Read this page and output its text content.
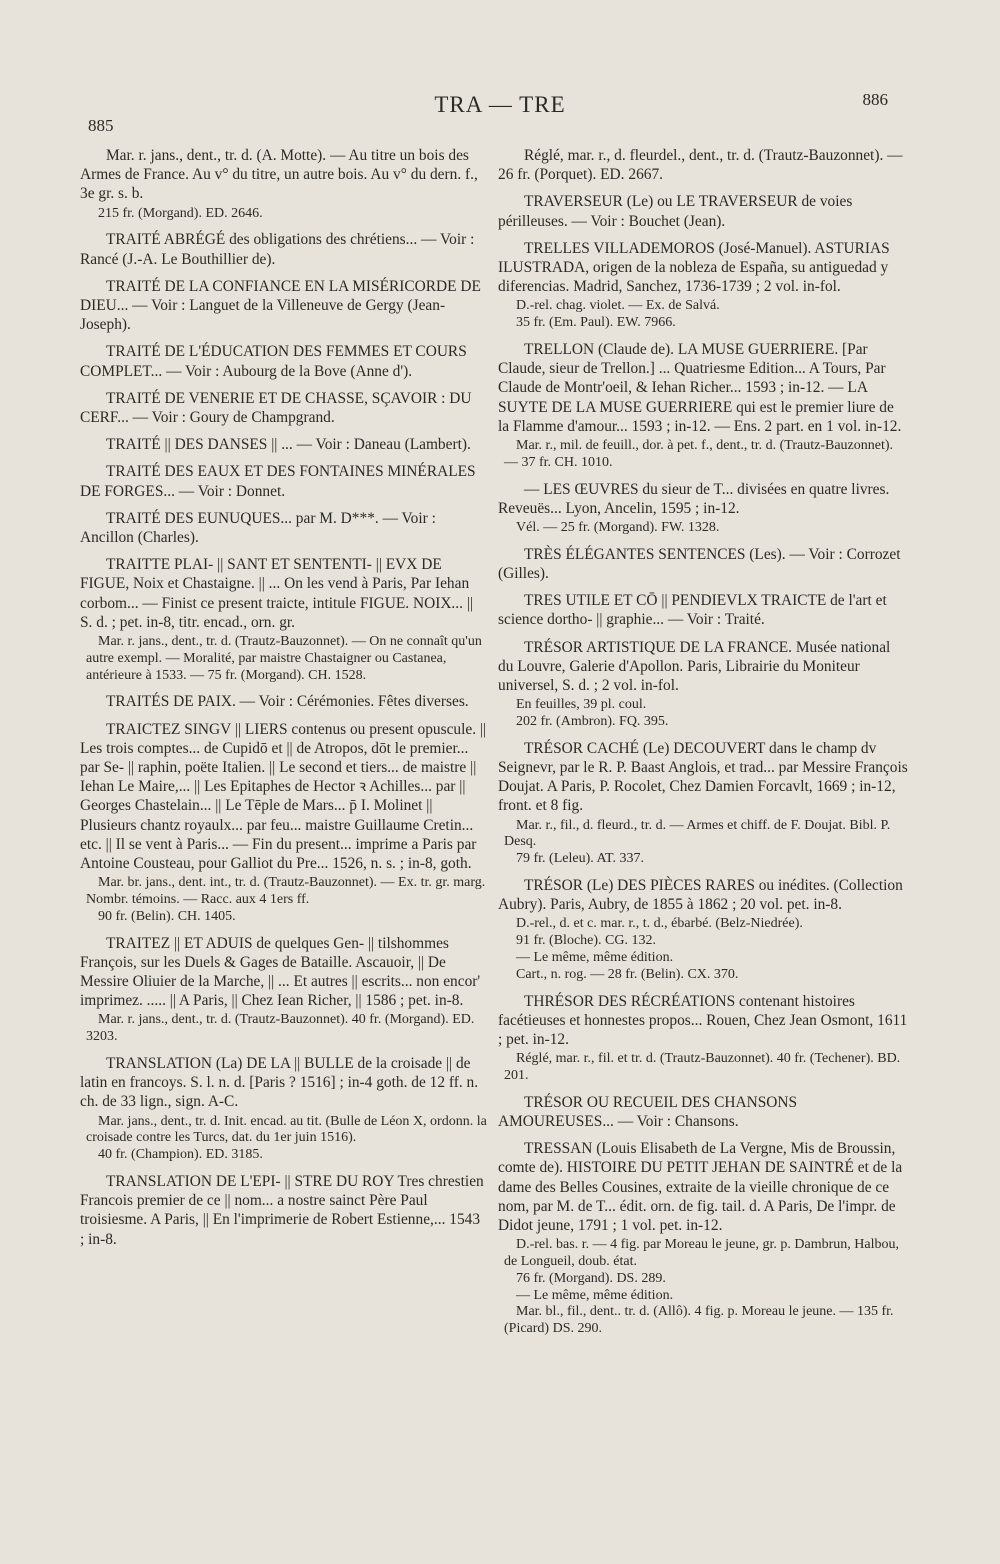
885
TRA — TRE	886

Mar. r. jans., dent., tr. d. (A. Motte). — Au titre un bois des Armes de France. Au v° du titre, un autre bois. Au v° du dern. f., 3e gr. s. b.

215 fr. (Morgand). ED. 2646.

TRAITÉ ABRÉGÉ des obligations des chrétiens... — Voir : Rancé (J.-A. Le Bouthillier de).

TRAITÉ DE LA CONFIANCE EN LA MISÉRICORDE DE DIEU... — Voir : Languet de la Villeneuve de Gergy (Jean-Joseph).

TRAITÉ DE L'ÉDUCATION DES FEMMES ET COURS COMPLET... — Voir : Aubourg de la Bove (Anne d').

TRAITÉ DE VENERIE ET DE CHASSE, SÇAVOIR : DU CERF... — Voir : Goury de Champgrand.

TRAITÉ || DES DANSES || ... — Voir : Daneau (Lambert).

TRAITÉ DES EAUX ET DES FONTAINES MINÉRALES DE FORGES... — Voir : Donnet.

TRAITÉ DES EUNUQUES... par M. D***. — Voir : Ancillon (Charles).

TRAITTE PLAI- || SANT ET SENTENTI- || EVX DE FIGUE, Noix et Chastaigne. || ... On les vend à Paris, Par Iehan corbom... — Finist ce present traicte, intitule FIGUE. NOIX... || S. d. ; pet. in-8, titr. encad., orn. gr.

Mar. r. jans., dent., tr. d. (Trautz-Bauzonnet). — On ne connaît qu'un autre exempl. — Moralité, par maistre Chastaigner ou Castanea, antérieure à 1533. — 75 fr. (Morgand). CH. 1528.

TRAITÉS DE PAIX. — Voir : Cérémonies. Fêtes diverses.

TRAICTEZ SINGV || LIERS contenus ou present opuscule. || Les trois comptes... de Cupidō et || de Atropos, dōt le premier... par Se- || raphin, poëte Italien. || Le second et tiers... de maistre || Iehan Le Maire,... || Les Epitaphes de Hector ꝛ Achilles... par || Georges Chastelain... || Le Tēple de Mars... p̄ I. Molinet || Plusieurs chantz royaulx... par feu... maistre Guillaume Cretin... etc. || Il se vent à Paris... — Fin du present... imprime a Paris par Antoine Cousteau, pour Galliot du Pre... 1526, n. s. ; in-8, goth.

Mar. br. jans., dent. int., tr. d. (Trautz-Bauzonnet). — Ex. tr. gr. marg. Nombr. témoins. — Racc. aux 4 1ers ff.

90 fr. (Belin). CH. 1405.

TRAITEZ || ET ADUIS de quelques Gen- || tilshommes François, sur les Duels & Gages de Bataille. Ascauoir, || De Messire Oliuier de la Marche, || ... Et autres || escrits... non encor' imprimez. ..... || A Paris, || Chez Iean Richer, || 1586 ; pet. in-8.

Mar. r. jans., dent., tr. d. (Trautz-Bauzonnet). 40 fr. (Morgand). ED. 3203.

TRANSLATION (La) DE LA || BULLE de la croisade || de latin en francoys. S. l. n. d. [Paris ? 1516] ; in-4 goth. de 12 ff. n. ch. de 33 lign., sign. A-C.

Mar. jans., dent., tr. d. Init. encad. au tit. (Bulle de Léon X, ordonn. la croisade contre les Turcs, dat. du 1er juin 1516).

40 fr. (Champion). ED. 3185.

TRANSLATION DE L'EPI- || STRE DU ROY Tres chrestien Francois premier de ce || nom... a nostre sainct Père Paul troisiesme. A Paris, || En l'imprimerie de Robert Estienne,... 1543 ; in-8.

Réglé, mar. r., d. fleurdel., dent., tr. d. (Trautz-Bauzonnet). — 26 fr. (Porquet). ED. 2667.

TRAVERSEUR (Le) ou LE TRAVERSEUR de voies périlleuses. — Voir : Bouchet (Jean).

TRELLES VILLADEMOROS (José-Manuel). ASTURIAS ILUSTRADA, origen de la nobleza de España, su antiguedad y diferencias. Madrid, Sanchez, 1736-1739 ; 2 vol. in-fol.

D.-rel. chag. violet. — Ex. de Salvá.

35 fr. (Em. Paul). EW. 7966.

TRELLON (Claude de). LA MUSE GUERRIERE. [Par Claude, sieur de Trellon.] ... Quatriesme Edition... A Tours, Par Claude de Montr'oeil, & Iehan Richer... 1593 ; in-12. — LA SUYTE DE LA MUSE GUERRIERE qui est le premier liure de la Flamme d'amour... 1593 ; in-12. — Ens. 2 part. en 1 vol. in-12.

Mar. r., mil. de feuill., dor. à pet. f., dent., tr. d. (Trautz-Bauzonnet). — 37 fr. CH. 1010.

— LES ŒUVRES du sieur de T... divisées en quatre livres. Reveuës... Lyon, Ancelin, 1595 ; in-12.

Vél. — 25 fr. (Morgand). FW. 1328.

TRÈS ÉLÉGANTES SENTENCES (Les). — Voir : Corrozet (Gilles).

TRES UTILE ET CŌ || PENDIEVLX TRAICTE de l'art et science dortho- || graphie... — Voir : Traité.

TRÉSOR ARTISTIQUE DE LA FRANCE. Musée national du Louvre, Galerie d'Apollon. Paris, Librairie du Moniteur universel, S. d. ; 2 vol. in-fol.

En feuilles, 39 pl. coul.

202 fr. (Ambron). FQ. 395.

TRÉSOR CACHÉ (Le) DECOUVERT dans le champ dv Seignevr, par le R. P. Baast Anglois, et trad... par Messire François Doujat. A Paris, P. Rocolet, Chez Damien Forcavlt, 1669 ; in-12, front. et 8 fig.

Mar. r., fil., d. fleurd., tr. d. — Armes et chiff. de F. Doujat. Bibl. P. Desq.

79 fr. (Leleu). AT. 337.

TRÉSOR (Le) DES PIÈCES RARES ou inédites. (Collection Aubry). Paris, Aubry, de 1855 à 1862 ; 20 vol. pet. in-8.

D.-rel., d. et c. mar. r., t. d., ébarbé. (Belz-Niedrée).

91 fr. (Bloche). CG. 132.

— Le même, même édition.

Cart., n. rog. — 28 fr. (Belin). CX. 370.

THRÉSOR DES RÉCRÉATIONS contenant histoires facétieuses et honnestes propos... Rouen, Chez Jean Osmont, 1611 ; pet. in-12.

Réglé, mar. r., fil. et tr. d. (Trautz-Bauzonnet). 40 fr. (Techener). BD. 201.

TRÉSOR OU RECUEIL DES CHANSONS AMOUREUSES... — Voir : Chansons.

TRESSAN (Louis Elisabeth de La Vergne, Mis de Broussin, comte de). HISTOIRE DU PETIT JEHAN DE SAINTRÉ et de la dame des Belles Cousines, extraite de la vieille chronique de ce nom, par M. de T... édit. orn. de fig. tail. d. A Paris, De l'impr. de Didot jeune, 1791 ; 1 vol. pet. in-12.

D.-rel. bas. r. — 4 fig. par Moreau le jeune, gr. p. Dambrun, Halbou, de Longueil, doub. état.

76 fr. (Morgand). DS. 289.

— Le même, même édition.

Mar. bl., fil., dent.. tr. d. (Allô). 4 fig. p. Moreau le jeune. — 135 fr. (Picard) DS. 290.
